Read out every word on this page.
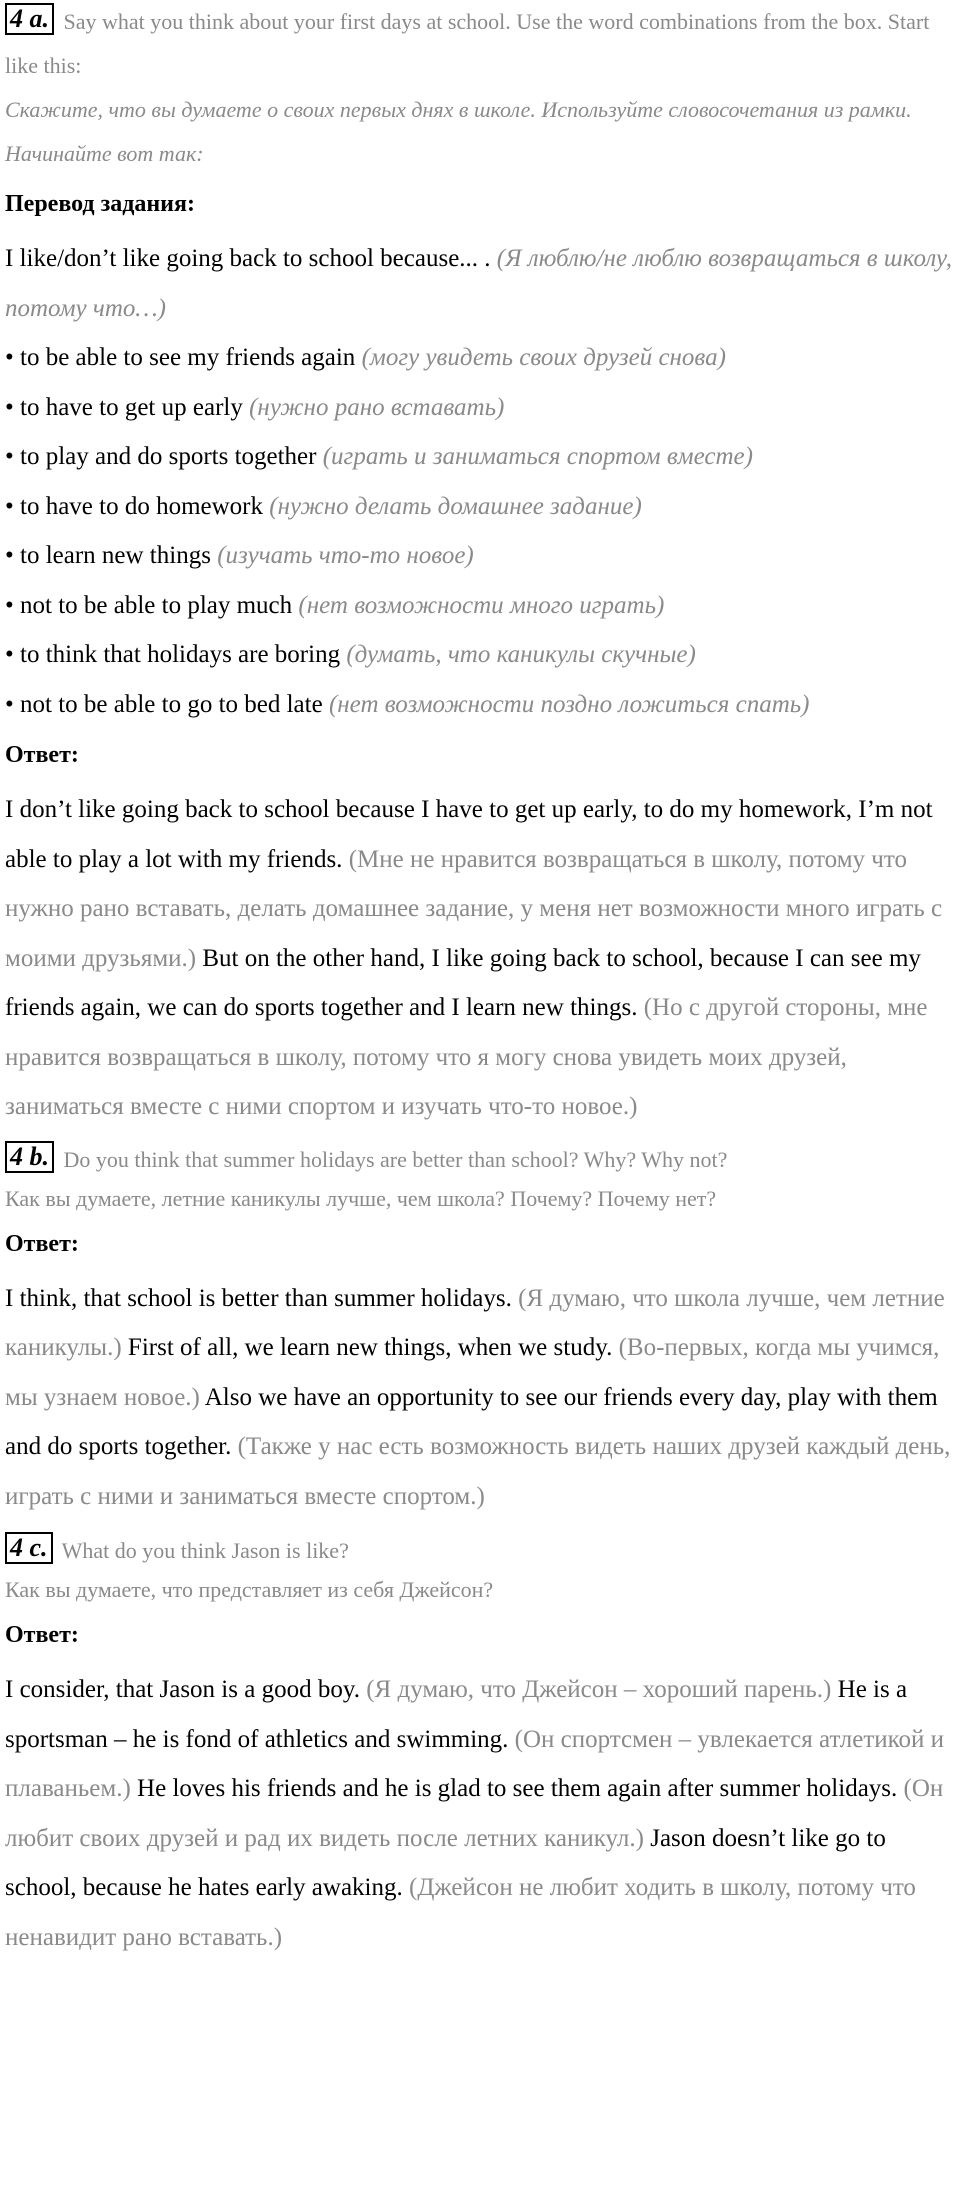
4 a. Say what you think about your first days at school. Use the word combinations from the box. Start like this:

Скажите, что вы думаете о своих первых днях в школе. Используйте словосочетания из рамки. Начинайте вот так:

Перевод задания:

I like/don’t like going back to school because... . (Я люблю/не люблю возвращаться в школу, потому что…)

• to be able to see my friends again (могу увидеть своих друзей снова)

• to have to get up early (нужно рано вставать)

• to play and do sports together (играть и заниматься спортом вместе)

• to have to do homework (нужно делать домашнее задание)

• to learn new things (изучать что-то новое)

• not to be able to play much (нет возможности много играть)

• to think that holidays are boring (думать, что каникулы скучные)

• not to be able to go to bed late (нет возможности поздно ложиться спать)

Ответ:

I don’t like going back to school because I have to get up early, to do my homework, I’m not able to play a lot with my friends. (Мне не нравится возвращаться в школу, потому что нужно рано вставать, делать домашнее задание, у меня нет возможности много играть с моими друзьями.) But on the other hand, I like going back to school, because I can see my friends again, we can do sports together and I learn new things. (Но с другой стороны, мне нравится возвращаться в школу, потому что я могу снова увидеть моих друзей, заниматься вместе с ними спортом и изучать что-то новое.)

4 b. Do you think that summer holidays are better than school? Why? Why not?

Как вы думаете, летние каникулы лучше, чем школа? Почему? Почему нет?

Ответ:

I think, that school is better than summer holidays. (Я думаю, что школа лучше, чем летние каникулы.) First of all, we learn new things, when we study. (Во-первых, когда мы учимся, мы узнаем новое.) Also we have an opportunity to see our friends every day, play with them and do sports together. (Также у нас есть возможность видеть наших друзей каждый день, играть с ними и заниматься вместе спортом.)

4 c. What do you think Jason is like?

Как вы думаете, что представляет из себя Джейсон?

Ответ:

I consider, that Jason is a good boy. (Я думаю, что Джейсон – хороший парень.) He is a sportsman – he is fond of athletics and swimming. (Он спортсмен – увлекается атлетикой и плаваньем.) He loves his friends and he is glad to see them again after summer holidays. (Он любит своих друзей и рад их видеть после летних каникул.) Jason doesn’t like go to school, because he hates early awaking. (Джейсон не любит ходить в школу, потому что ненавидит рано вставать.)
